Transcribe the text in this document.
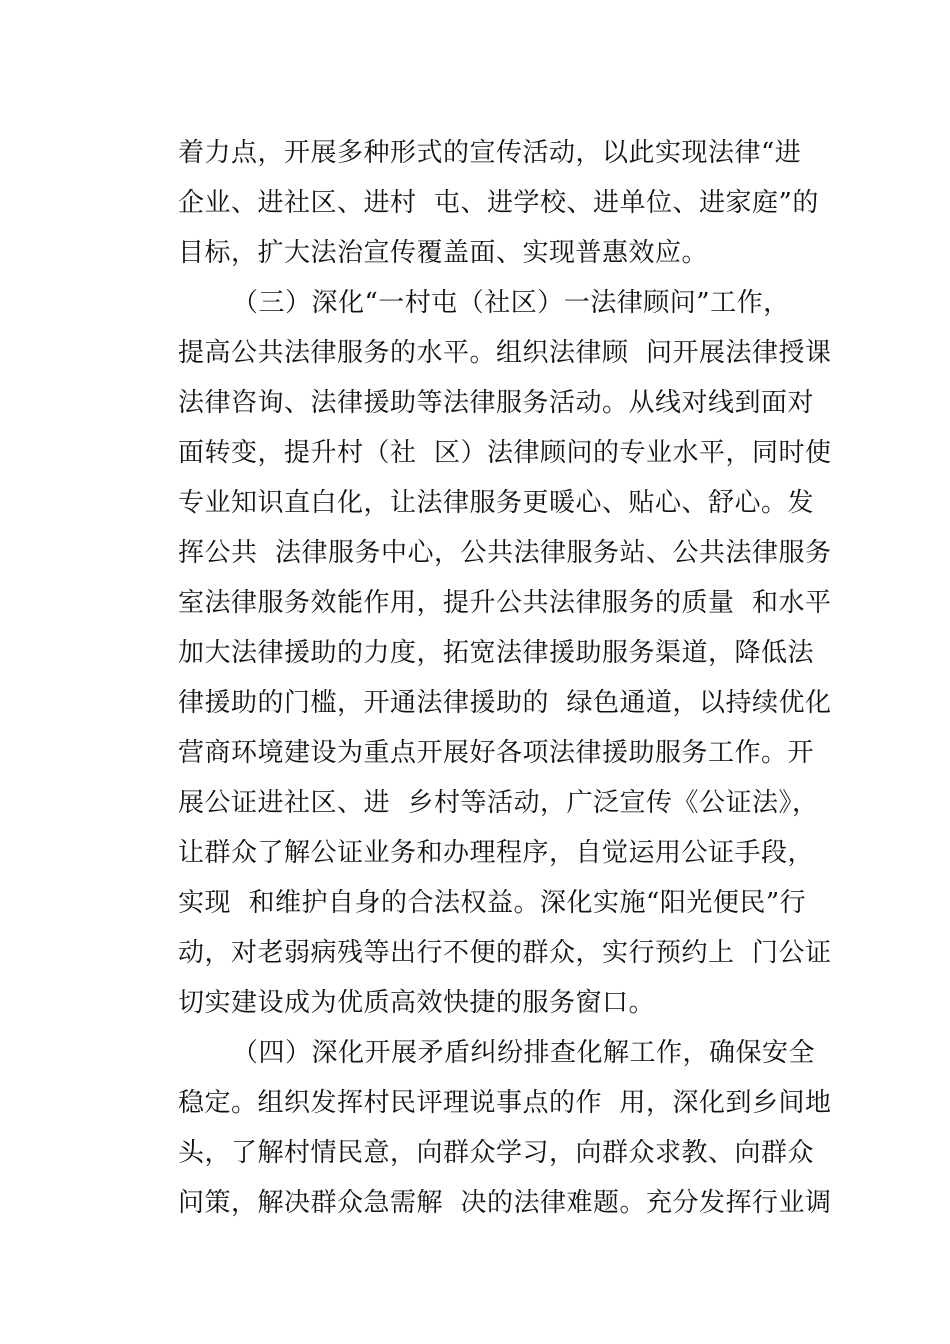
着力点，开展多种形式的宣传活动，以此实现法律“进
企业、进社区、进村  屯、进学校、进单位、进家庭”的
目标，扩大法治宣传覆盖面、实现普惠效应。
（三）深化“一村屯（社区）一法律顾问”工作，
提高公共法律服务的水平。组织法律顾  问开展法律授课
法律咨询、法律援助等法律服务活动。从线对线到面对
面转变，提升村（社  区）法律顾问的专业水平，同时使
专业知识直白化，让法律服务更暖心、贴心、舒心。发
挥公共  法律服务中心，公共法律服务站、公共法律服务
室法律服务效能作用，提升公共法律服务的质量  和水平
加大法律援助的力度，拓宽法律援助服务渠道，降低法
律援助的门槛，开通法律援助的  绿色通道，以持续优化
营商环境建设为重点开展好各项法律援助服务工作。开
展公证进社区、进  乡村等活动，广泛宣传《公证法》，
让群众了解公证业务和办理程序，自觉运用公证手段，
实现  和维护自身的合法权益。深化实施“阳光便民”行
动，对老弱病残等出行不便的群众，实行预约上  门公证
切实建设成为优质高效快捷的服务窗口。
（四）深化开展矛盾纠纷排查化解工作，确保安全
稳定。组织发挥村民评理说事点的作  用，深化到乡间地
头，了解村情民意，向群众学习，向群众求教、向群众
问策，解决群众急需解  决的法律难题。充分发挥行业调
